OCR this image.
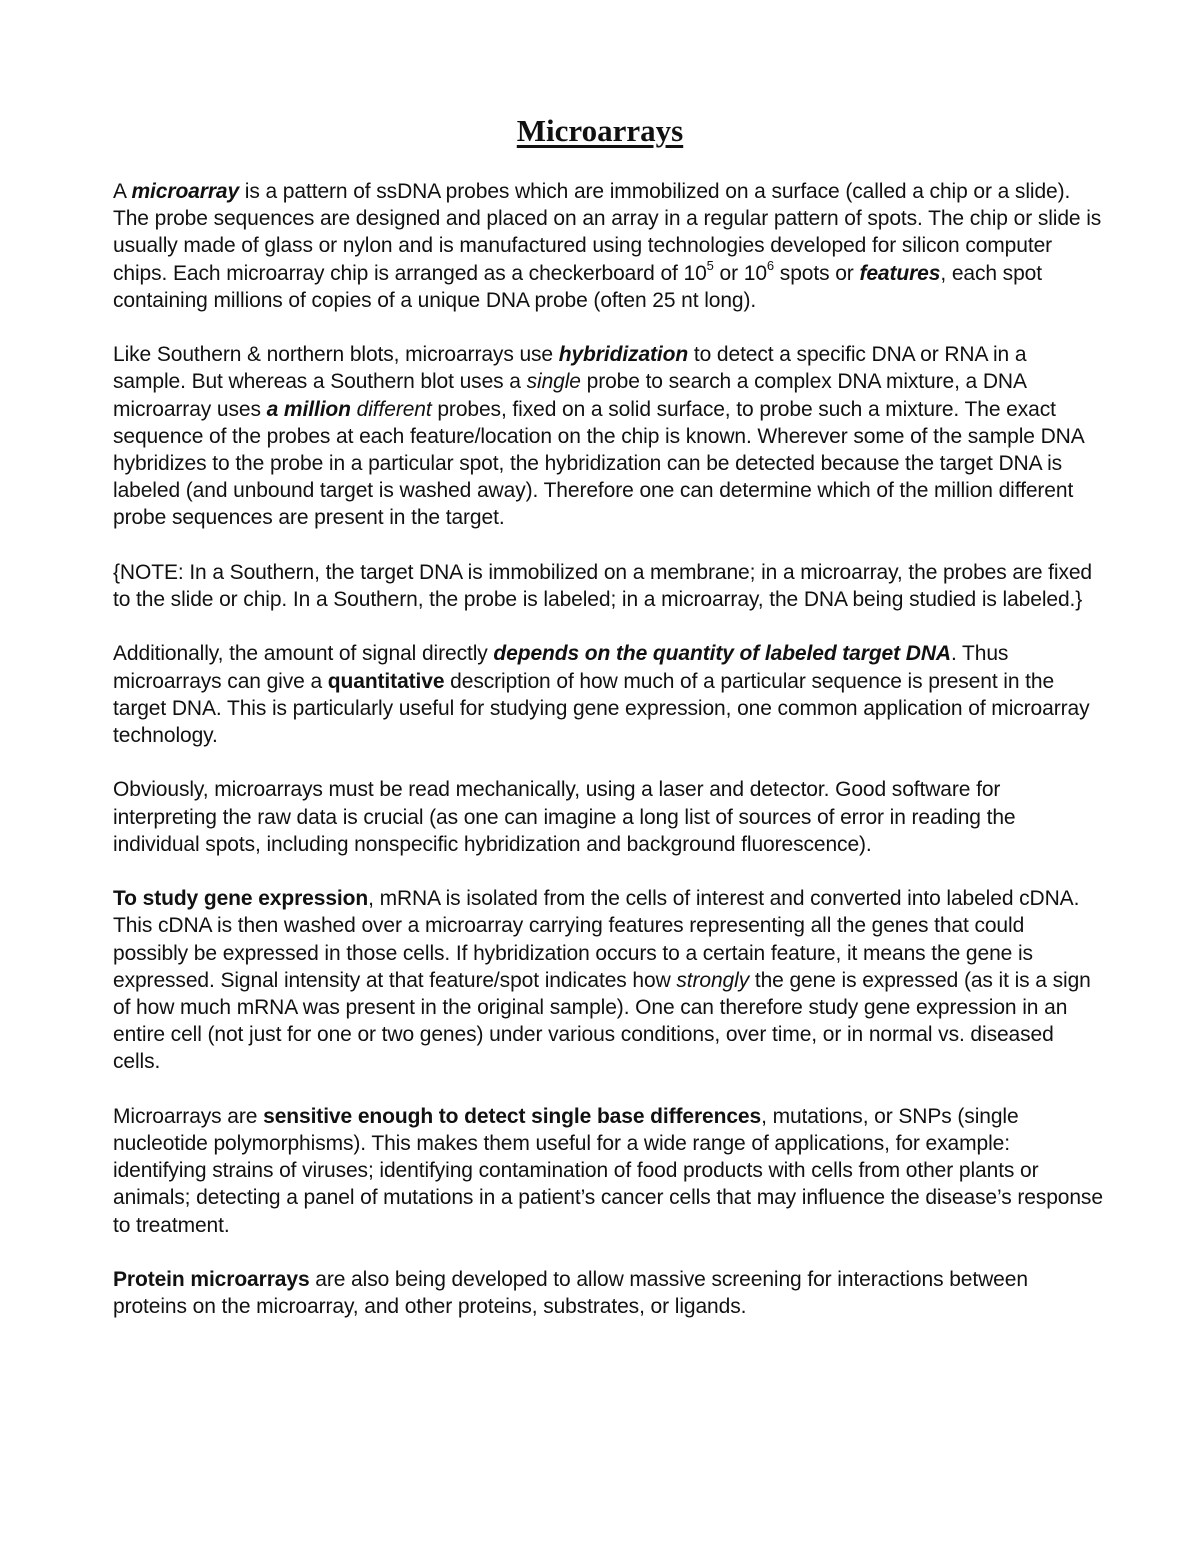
Microarrays

A microarray is a pattern of ssDNA probes which are immobilized on a surface (called a chip or a slide). The probe sequences are designed and placed on an array in a regular pattern of spots. The chip or slide is usually made of glass or nylon and is manufactured using technologies developed for silicon computer chips. Each microarray chip is arranged as a checkerboard of $10^5$ or $10^6$ spots or features, each spot containing millions of copies of a unique DNA probe (often 25 nt long).

Like Southern & northern blots, microarrays use hybridization to detect a specific DNA or RNA in a sample. But whereas a Southern blot uses a single probe to search a complex DNA mixture, a DNA microarray uses a million different probes, fixed on a solid surface, to probe such a mixture. The exact sequence of the probes at each feature/location on the chip is known. Wherever some of the sample DNA hybridizes to the probe in a particular spot, the hybridization can be detected because the target DNA is labeled (and unbound target is washed away). Therefore one can determine which of the million different probe sequences are present in the target.

{NOTE: In a Southern, the target DNA is immobilized on a membrane; in a microarray, the probes are fixed to the slide or chip. In a Southern, the probe is labeled; in a microarray, the DNA being studied is labeled.}

Additionally, the amount of signal directly depends on the quantity of labeled target DNA. Thus microarrays can give a quantitative description of how much of a particular sequence is present in the target DNA. This is particularly useful for studying gene expression, one common application of microarray technology.

Obviously, microarrays must be read mechanically, using a laser and detector. Good software for interpreting the raw data is crucial (as one can imagine a long list of sources of error in reading the individual spots, including nonspecific hybridization and background fluorescence).

To study gene expression, mRNA is isolated from the cells of interest and converted into labeled cDNA. This cDNA is then washed over a microarray carrying features representing all the genes that could possibly be expressed in those cells. If hybridization occurs to a certain feature, it means the gene is expressed. Signal intensity at that feature/spot indicates how strongly the gene is expressed (as it is a sign of how much mRNA was present in the original sample). One can therefore study gene expression in an entire cell (not just for one or two genes) under various conditions, over time, or in normal vs. diseased cells.

Microarrays are sensitive enough to detect single base differences, mutations, or SNPs (single nucleotide polymorphisms). This makes them useful for a wide range of applications, for example: identifying strains of viruses; identifying contamination of food products with cells from other plants or animals; detecting a panel of mutations in a patient’s cancer cells that may influence the disease’s response to treatment.

Protein microarrays are also being developed to allow massive screening for interactions between proteins on the microarray, and other proteins, substrates, or ligands.
